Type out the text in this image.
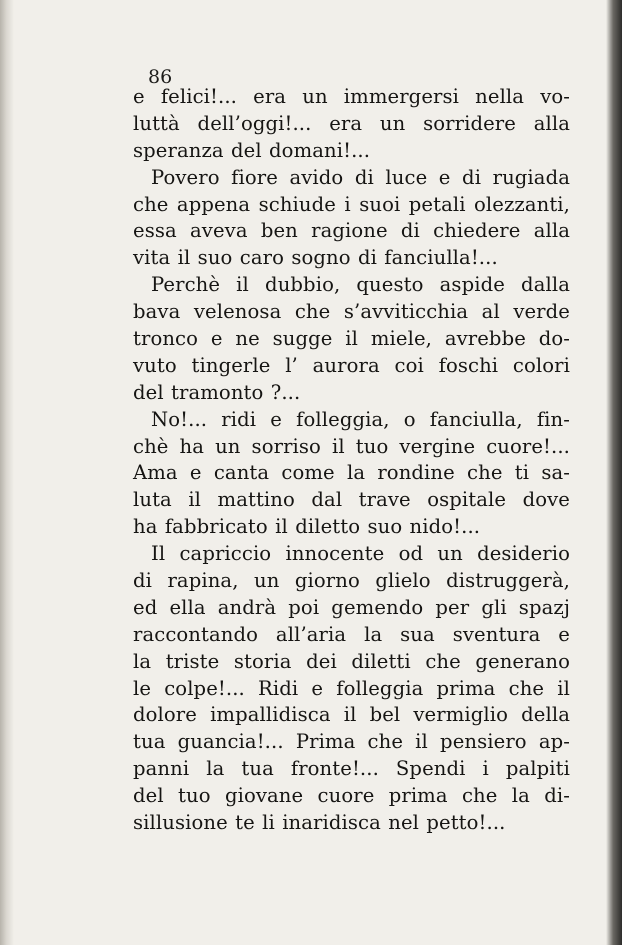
86
e felici!... era un immergersi nella vo-
luttà dell’oggi!... era un sorridere alla
speranza del domani!...
Povero fiore avido di luce e di rugiada
che appena schiude i suoi petali olezzanti,
essa aveva ben ragione di chiedere alla
vita il suo caro sogno di fanciulla!...
Perchè il dubbio, questo aspide dalla
bava velenosa che s’avviticchia al verde
tronco e ne sugge il miele, avrebbe do-
vuto tingerle l’ aurora coi foschi colori
del tramonto ?...
No!... ridi e folleggia, o fanciulla, fin-
chè ha un sorriso il tuo vergine cuore!...
Ama e canta come la rondine che ti sa-
luta il mattino dal trave ospitale dove
ha fabbricato il diletto suo nido!...
Il capriccio innocente od un desiderio
di rapina, un giorno glielo distruggerà,
ed ella andrà poi gemendo per gli spazj
raccontando all’aria la sua sventura e
la triste storia dei diletti che generano
le colpe!... Ridi e folleggia prima che il
dolore impallidisca il bel vermiglio della
tua guancia!... Prima che il pensiero ap-
panni la tua fronte!... Spendi i palpiti
del tuo giovane cuore prima che la di-
sillusione te li inaridisca nel petto!...
